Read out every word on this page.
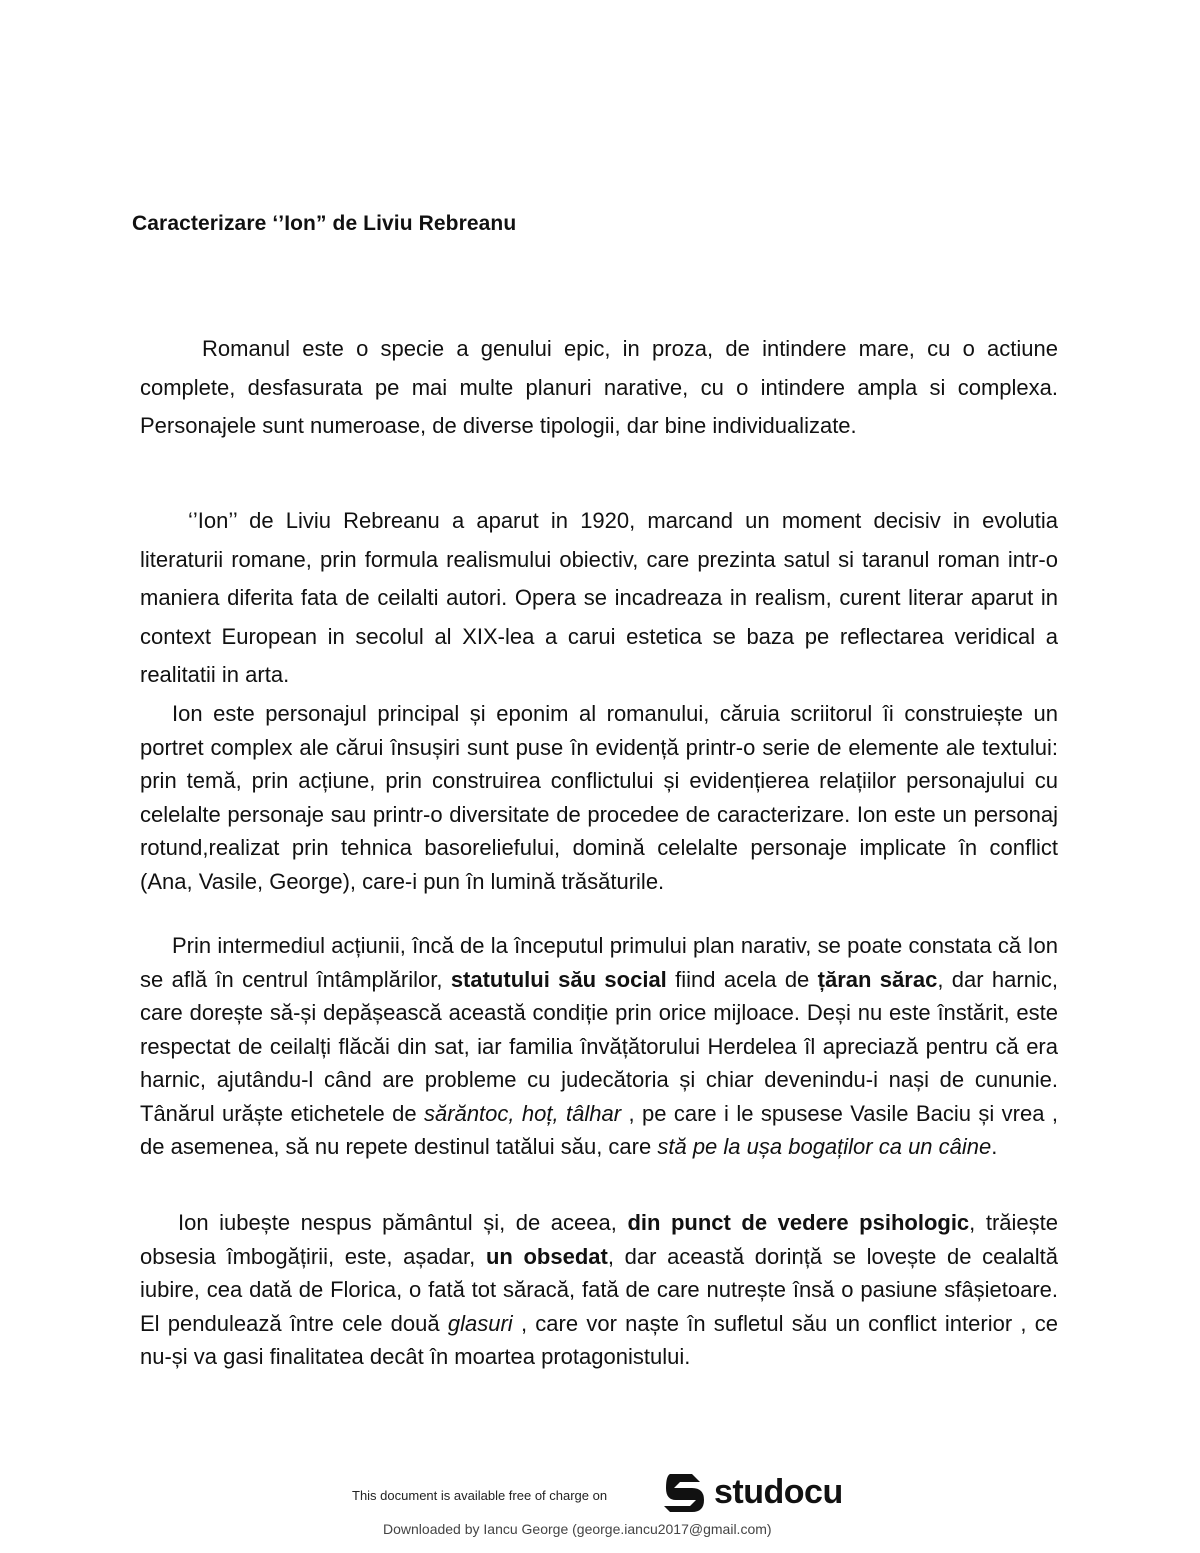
Caracterizare ‘’Ion” de Liviu Rebreanu

Romanul este o specie a genului epic, in proza, de intindere mare, cu o actiune complete, desfasurata pe mai multe planuri narative, cu o intindere ampla si complexa. Personajele sunt numeroase, de diverse tipologii, dar bine individualizate.

‘’Ion’’ de Liviu Rebreanu a aparut in 1920, marcand un moment decisiv in evolutia literaturii romane, prin formula realismului obiectiv, care prezinta satul si taranul roman intr-o maniera diferita fata de ceilalti autori. Opera se incadreaza in realism, curent literar aparut in context European in secolul al XIX-lea a carui estetica se baza pe reflectarea veridical a realitatii in arta.

Ion este personajul principal și eponim al romanului, căruia scriitorul îi construiește un portret complex ale cărui însușiri sunt puse în evidență printr-o serie de elemente ale textului: prin temă, prin acțiune, prin construirea conflictului și evidențierea relațiilor personajului cu celelalte personaje sau printr-o diversitate de procedee de caracterizare. Ion este un personaj rotund,realizat prin tehnica basoreliefului, domină celelalte personaje implicate în conflict (Ana, Vasile, George), care-i pun în lumină trăsăturile.

Prin intermediul acțiunii, încă de la începutul primului plan narativ, se poate constata că Ion se află în centrul întâmplărilor, statutului său social fiind acela de țăran sărac, dar harnic, care dorește să-și depășească această condiție prin orice mijloace. Deși nu este înstărit, este respectat de ceilalți flăcăi din sat, iar familia învățătorului Herdelea îl apreciază pentru că era harnic, ajutându-l când are probleme cu judecătoria și chiar devenindu-i nași de cununie. Tânărul urăște etichetele de sărăntoc, hoț, tâlhar , pe care i le spusese Vasile Baciu și vrea , de asemenea, să nu repete destinul tatălui său, care stă pe la ușa bogaților ca un câine.

Ion iubește nespus pământul și, de aceea, din punct de vedere psihologic, trăiește obsesia îmbogățirii, este, așadar, un obsedat, dar această dorință se lovește de cealaltă iubire, cea dată de Florica, o fată tot săracă, fată de care nutrește însă o pasiune sfâșietoare. El pendulează între cele două glasuri , care vor naște în sufletul său un conflict interior , ce nu-și va gasi finalitatea decât în moartea protagonistului.

This document is available free of charge on	studocu
Downloaded by Iancu George (george.iancu2017@gmail.com)
